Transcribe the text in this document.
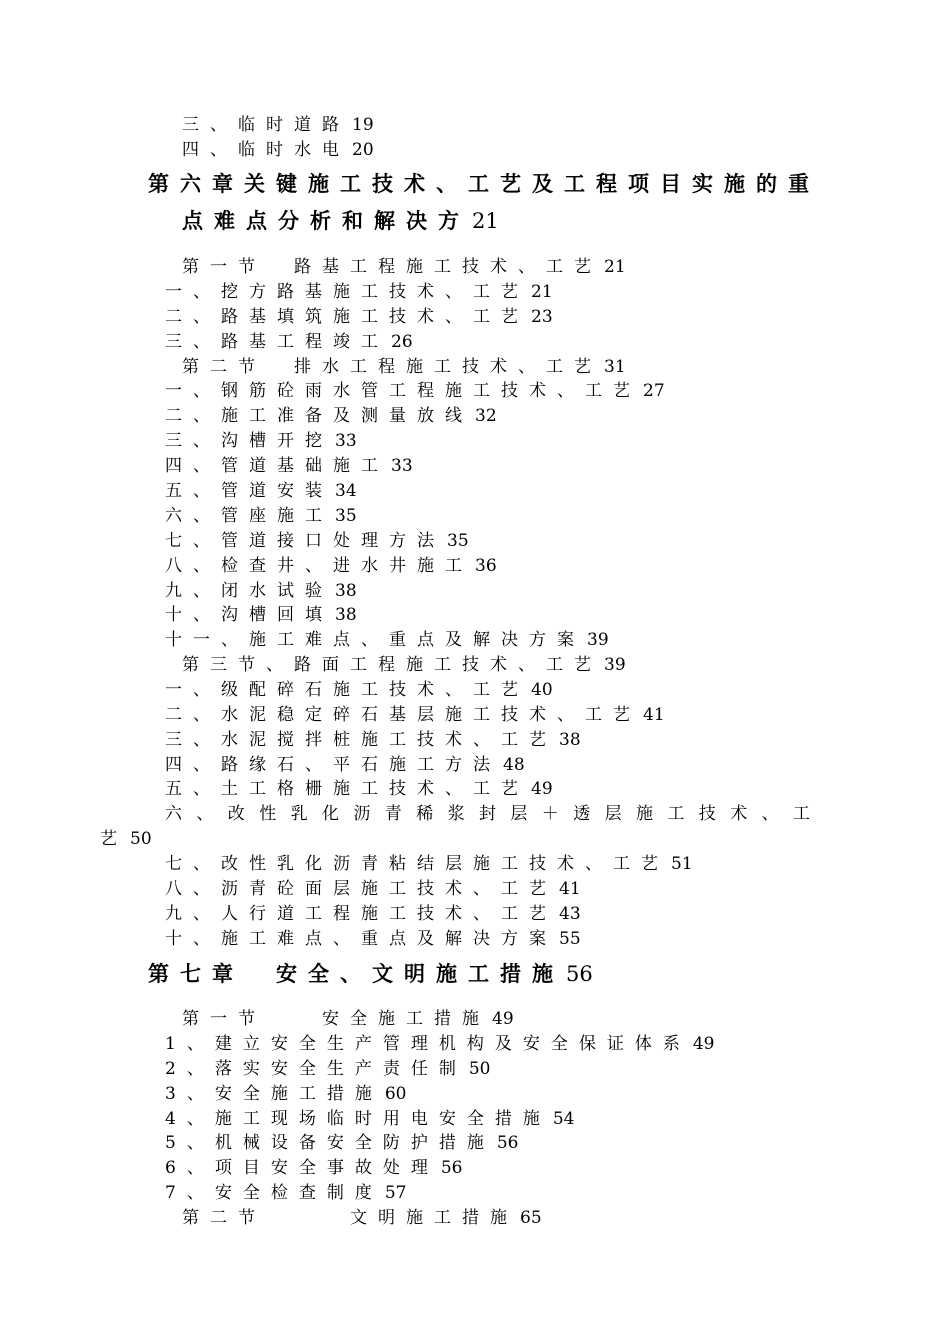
三、临时道路 19
四、临时水电 20
第六章关键施工技术、工艺及工程项目实施的重
点难点分析和解决方21
第一节　路基工程施工技术、工艺 21
一、挖方路基施工技术、工艺 21
二、路基填筑施工技术、工艺 23
三、路基工程竣工 26
第二节　排水工程施工技术、工艺 31
一、钢筋砼雨水管工程施工技术、工艺 27
二、施工准备及测量放线 32
三、沟槽开挖 33
四、管道基础施工 33
五、管道安装 34
六、管座施工 35
七、管道接口处理方法 35
八、检查井、进水井施工 36
九、闭水试验 38
十、沟槽回填 38
十一、施工难点、重点及解决方案 39
第三节、路面工程施工技术、工艺 39
一、级配碎石施工技术、工艺 40
二、水泥稳定碎石基层施工技术、工艺 41
三、水泥搅拌桩施工技术、工艺 38
四、路缘石、平石施工方法 48
五、土工格栅施工技术、工艺 49
六、改性乳化沥青稀浆封层＋透层施工技术、工
艺 50
七、改性乳化沥青粘结层施工技术、工艺 51
八、沥青砼面层施工技术、工艺 41
九、人行道工程施工技术、工艺 43
十、施工难点、重点及解决方案 55
第七章　安全、文明施工措施56
第一节　　安全施工措施 49
1、建立安全生产管理机构及安全保证体系 49
2、落实安全生产责任制 50
3、安全施工措施 60
4、施工现场临时用电安全措施 54
5、机械设备安全防护措施 56
6、项目安全事故处理 56
7、安全检查制度 57
第二节　　　文明施工措施 65
